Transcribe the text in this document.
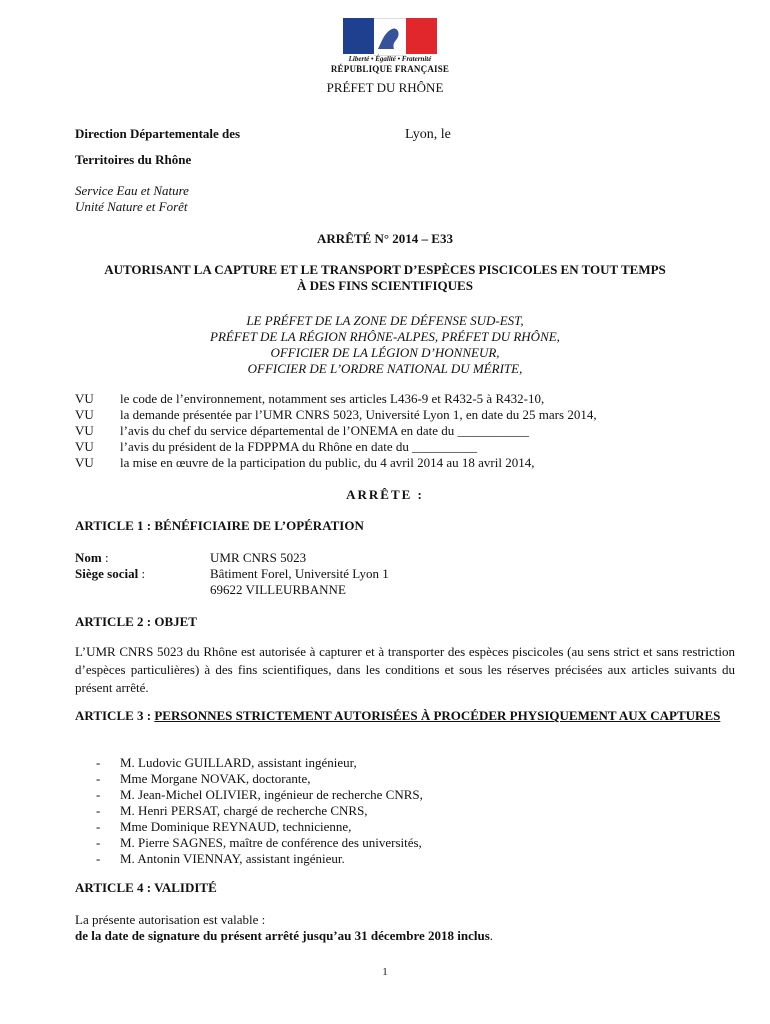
Liberté • Égalité • Fraternité
RÉPUBLIQUE FRANÇAISE
PRÉFET DU RHÔNE
Direction Départementale des	Lyon, le
Territoires du Rhône
Service Eau et Nature
Unité Nature et Forêt
ARRÊTÉ N° 2014 – E33
AUTORISANT LA CAPTURE ET LE TRANSPORT D’ESPÈCES PISCICOLES EN TOUT TEMPS
À DES FINS SCIENTIFIQUES
LE PRÉFET DE LA ZONE DE DÉFENSE SUD-EST,
PRÉFET DE LA RÉGION RHÔNE-ALPES, PRÉFET DU RHÔNE,
OFFICIER DE LA LÉGION D’HONNEUR,
OFFICIER DE L’ORDRE NATIONAL DU MÉRITE,
VU le code de l’environnement, notamment ses articles L436-9 et R432-5 à R432-10,
VU la demande présentée par l’UMR CNRS 5023, Université Lyon 1, en date du 25 mars 2014,
VU l’avis du chef du service départemental de l’ONEMA en date du ___________
VU l’avis du président de la FDPPMA du Rhône en date du __________
VU la mise en œuvre de la participation du public, du 4 avril 2014 au 18 avril 2014,
ARRÊTE :
ARTICLE 1 : BÉNÉFICIAIRE DE L’OPÉRATION
Nom :	UMR CNRS 5023
Siège social :	Bâtiment Forel, Université Lyon 1
69622 VILLEURBANNE
ARTICLE 2 : OBJET
L’UMR CNRS 5023 du Rhône est autorisée à capturer et à transporter des espèces piscicoles (au sens strict et sans restriction d’espèces particulières) à des fins scientifiques, dans les conditions et sous les réserves précisées aux articles suivants du présent arrêté.
ARTICLE 3 : PERSONNES STRICTEMENT AUTORISÉES À PROCÉDER PHYSIQUEMENT AUX CAPTURES
- M. Ludovic GUILLARD, assistant ingénieur,
- Mme Morgane NOVAK, doctorante,
- M. Jean-Michel OLIVIER, ingénieur de recherche CNRS,
- M. Henri PERSAT, chargé de recherche CNRS,
- Mme Dominique REYNAUD, technicienne,
- M. Pierre SAGNES, maître de conférence des universités,
- M. Antonin VIENNAY, assistant ingénieur.
ARTICLE 4 : VALIDITÉ
La présente autorisation est valable :
de la date de signature du présent arrêté jusqu’au 31 décembre 2018 inclus.
1
